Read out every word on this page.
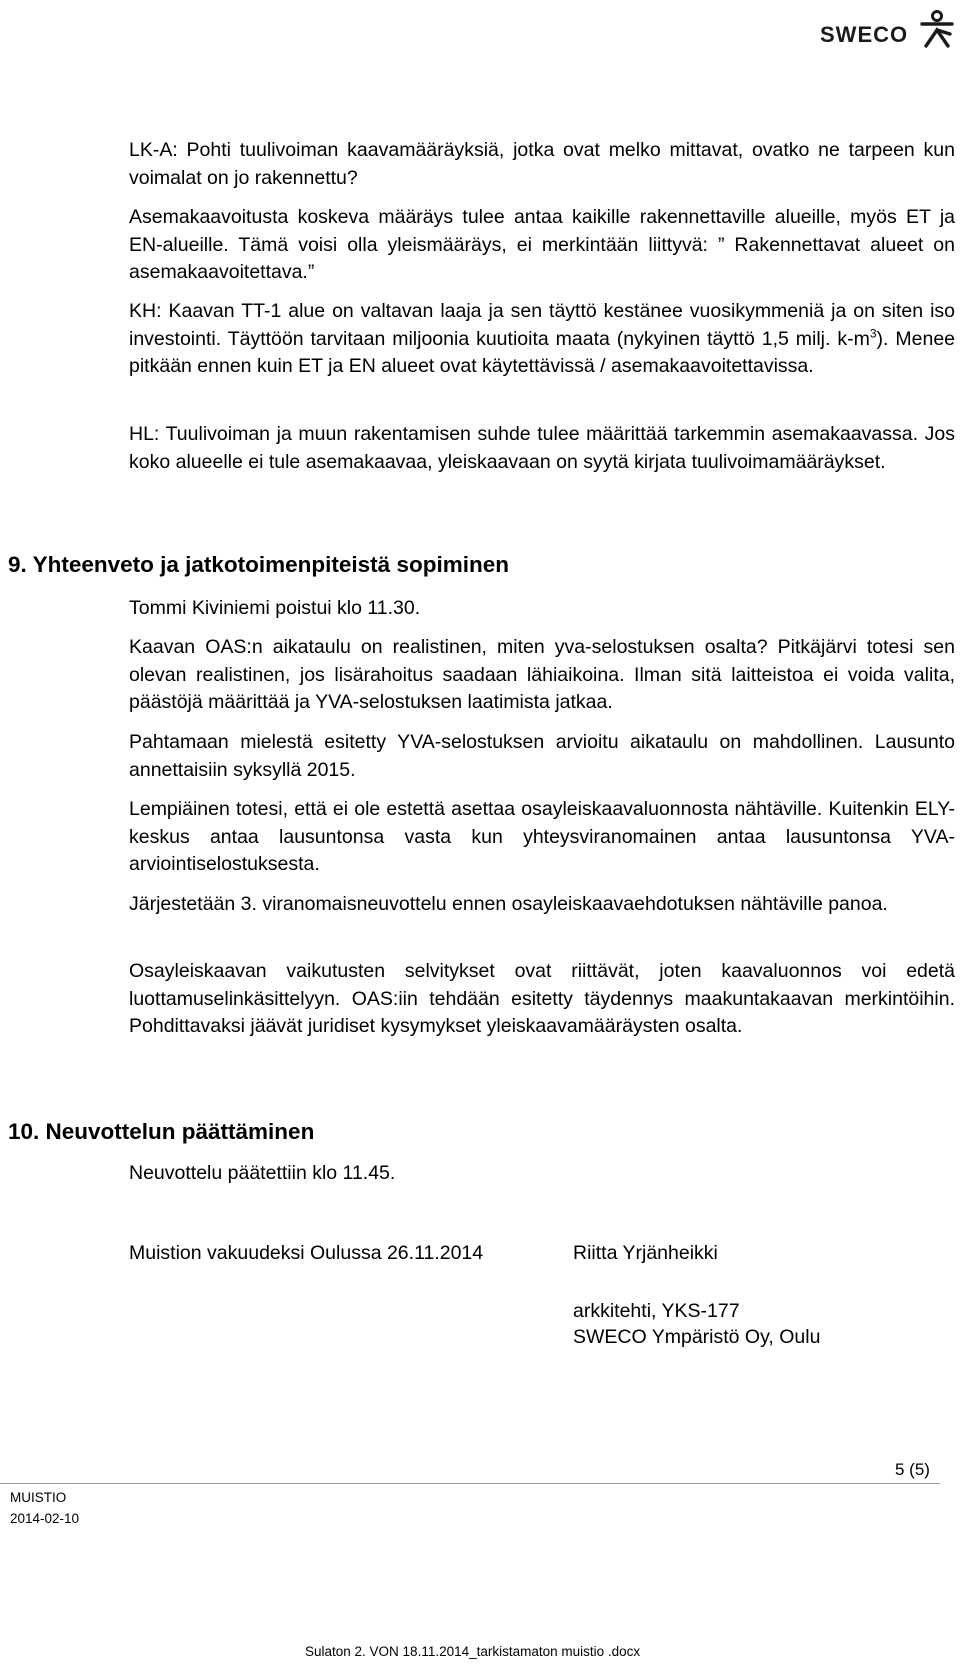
SWECO

LK-A: Pohti tuulivoiman kaavamääräyksiä, jotka ovat melko mittavat, ovatko ne tarpeen kun voimalat on jo rakennettu?

Asemakaavoitusta koskeva määräys tulee antaa kaikille rakennettaville alueille, myös ET ja EN-alueille. Tämä voisi olla yleismääräys, ei merkintään liittyvä: ” Rakennettavat alueet on asemakaavoitettava.”

KH: Kaavan TT-1 alue on valtavan laaja ja sen täyttö kestänee vuosikymmeniä ja on siten iso investointi. Täyttöön tarvitaan miljoonia kuutioita maata (nykyinen täyttö 1,5 milj. $k-m^3$). Menee pitkään ennen kuin ET ja EN alueet ovat käytettävissä / asemakaavoitettavissa.

HL: Tuulivoiman ja muun rakentamisen suhde tulee määrittää tarkemmin asemakaavassa. Jos koko alueelle ei tule asemakaavaa, yleiskaavaan on syytä kirjata tuulivoimamääräykset.

9. Yhteenveto ja jatkotoimenpiteistä sopiminen

Tommi Kiviniemi poistui klo 11.30.

Kaavan OAS:n aikataulu on realistinen, miten yva-selostuksen osalta? Pitkäjärvi totesi sen olevan realistinen, jos lisärahoitus saadaan lähiaikoina. Ilman sitä laitteistoa ei voida valita, päästöjä määrittää ja YVA-selostuksen laatimista jatkaa.

Pahtamaan mielestä esitetty YVA-selostuksen arvioitu aikataulu on mahdollinen. Lausunto annettaisiin syksyllä 2015.

Lempiäinen totesi, että ei ole estettä asettaa osayleiskaavaluonnosta nähtäville. Kuitenkin ELY-keskus antaa lausuntonsa vasta kun yhteysviranomainen antaa lausuntonsa YVA-arviointiselostuksesta.

Järjestetään 3. viranomaisneuvottelu ennen osayleiskaavaehdotuksen nähtäville panoa.

Osayleiskaavan vaikutusten selvitykset ovat riittävät, joten kaavaluonnos voi edetä luottamuselinkäsittelyyn. OAS:iin tehdään esitetty täydennys maakuntakaavan merkintöihin. Pohdittavaksi jäävät juridiset kysymykset yleiskaavamääräysten osalta.

10. Neuvottelun päättäminen

Neuvottelu päätettiin klo 11.45.

Muistion vakuudeksi Oulussa 26.11.2014	Riitta Yrjänheikki
arkkitehti, YKS-177
SWECO Ympäristö Oy, Oulu
5 (5)
MUISTIO
2014-02-10
Sulaton 2. VON 18.11.2014_tarkistamaton muistio .docx
